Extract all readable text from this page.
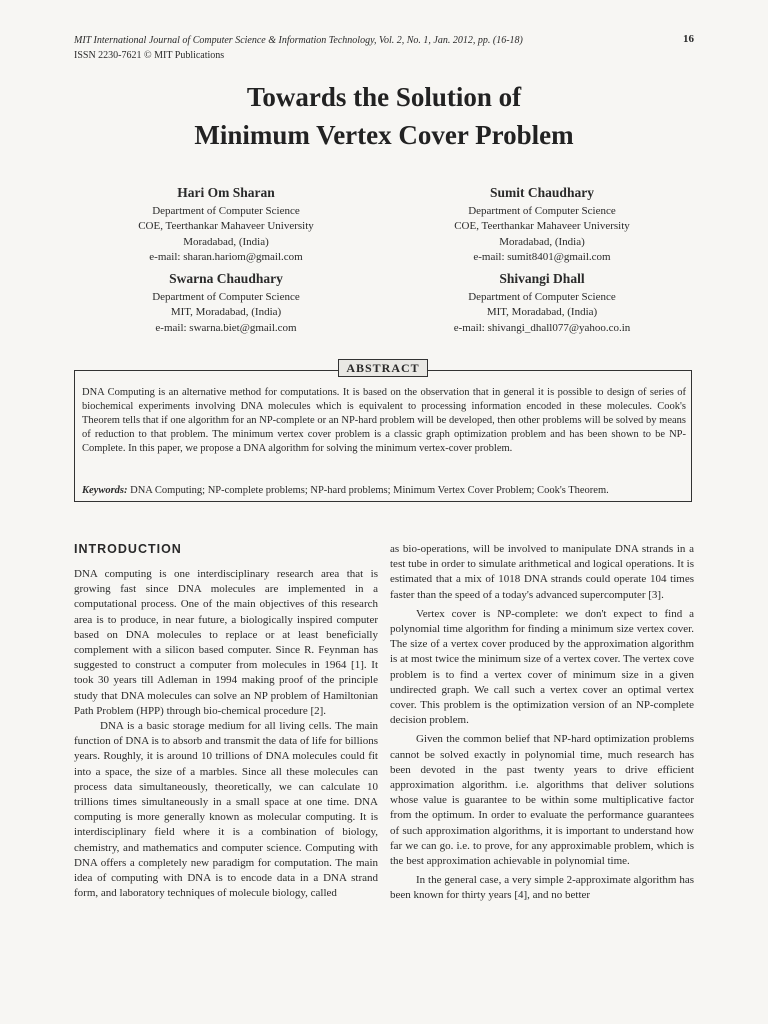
MIT International Journal of Computer Science & Information Technology, Vol. 2, No. 1, Jan. 2012, pp. (16-18)
ISSN 2230-7621 © MIT Publications
16
Towards the Solution of
Minimum Vertex Cover Problem
Hari Om Sharan
Department of Computer Science
COE, Teerthankar Mahaveer University
Moradabad, (India)
e-mail: sharan.hariom@gmail.com
Sumit Chaudhary
Department of Computer Science
COE, Teerthankar Mahaveer University
Moradabad, (India)
e-mail: sumit8401@gmail.com
Swarna Chaudhary
Department of Computer Science
MIT, Moradabad, (India)
e-mail: swarna.biet@gmail.com
Shivangi Dhall
Department of Computer Science
MIT, Moradabad, (India)
e-mail: shivangi_dhall077@yahoo.co.in
ABSTRACT
DNA Computing is an alternative method for computations. It is based on the observation that in general it is possible to design of series of biochemical experiments involving DNA molecules which is equivalent to processing information encoded in these molecules. Cook's Theorem tells that if one algorithm for an NP-complete or an NP-hard problem will be developed, then other problems will be solved by means of reduction to that problem. The minimum vertex cover problem is a classic graph optimization problem and has been shown to be NP-Complete. In this paper, we propose a DNA algorithm for solving the minimum vertex-cover problem.
Keywords: DNA Computing; NP-complete problems; NP-hard problems; Minimum Vertex Cover Problem; Cook's Theorem.
INTRODUCTION

DNA computing is one interdisciplinary research area that is growing fast since DNA molecules are implemented in a computational process. One of the main objectives of this research area is to produce, in near future, a biologically inspired computer based on DNA molecules to replace or at least beneficially complement with a silicon based computer. Since R. Feynman has suggested to construct a computer from molecules in 1964 [1]. It took 30 years till Adleman in 1994 making proof of the principle study that DNA molecules can solve an NP problem of Hamiltonian Path Problem (HPP) through bio-chemical procedure [2].

DNA is a basic storage medium for all living cells. The main function of DNA is to absorb and transmit the data of life for billions years. Roughly, it is around 10 trillions of DNA molecules could fit into a space, the size of a marbles. Since all these molecules can process data simultaneously, theoretically, we can calculate 10 trillions times simultaneously in a small space at one time. DNA computing is more generally known as molecular computing. It is interdisciplinary field where it is a combination of biology, chemistry, and mathematics and computer science. Computing with DNA offers a completely new paradigm for computation. The main idea of computing with DNA is to encode data in a DNA strand form, and laboratory techniques of molecule biology, called

as bio-operations, will be involved to manipulate DNA strands in a test tube in order to simulate arithmetical and logical operations. It is estimated that a mix of 1018 DNA strands could operate 104 times faster than the speed of a today's advanced supercomputer [3].

Vertex cover is NP-complete: we don't expect to find a polynomial time algorithm for finding a minimum size vertex cover. The size of a vertex cover produced by the approximation algorithm is at most twice the minimum size of a vertex cover. The vertex cove problem is to find a vertex cover of minimum size in a given undirected graph. We call such a vertex cover an optimal vertex cover. This problem is the optimization version of an NP-complete decision problem.

Given the common belief that NP-hard optimization problems cannot be solved exactly in polynomial time, much research has been devoted in the past twenty years to drive efficient approximation algorithm. i.e. algorithms that deliver solutions whose value is guarantee to be within some multiplicative factor from the optimum. In order to evaluate the performance guarantees of such approximation algorithms, it is important to understand how far we can go. i.e. to prove, for any approximable problem, which is the best approximation achievable in polynomial time.

In the general case, a very simple 2-approximate algorithm has been known for thirty years [4], and no better
